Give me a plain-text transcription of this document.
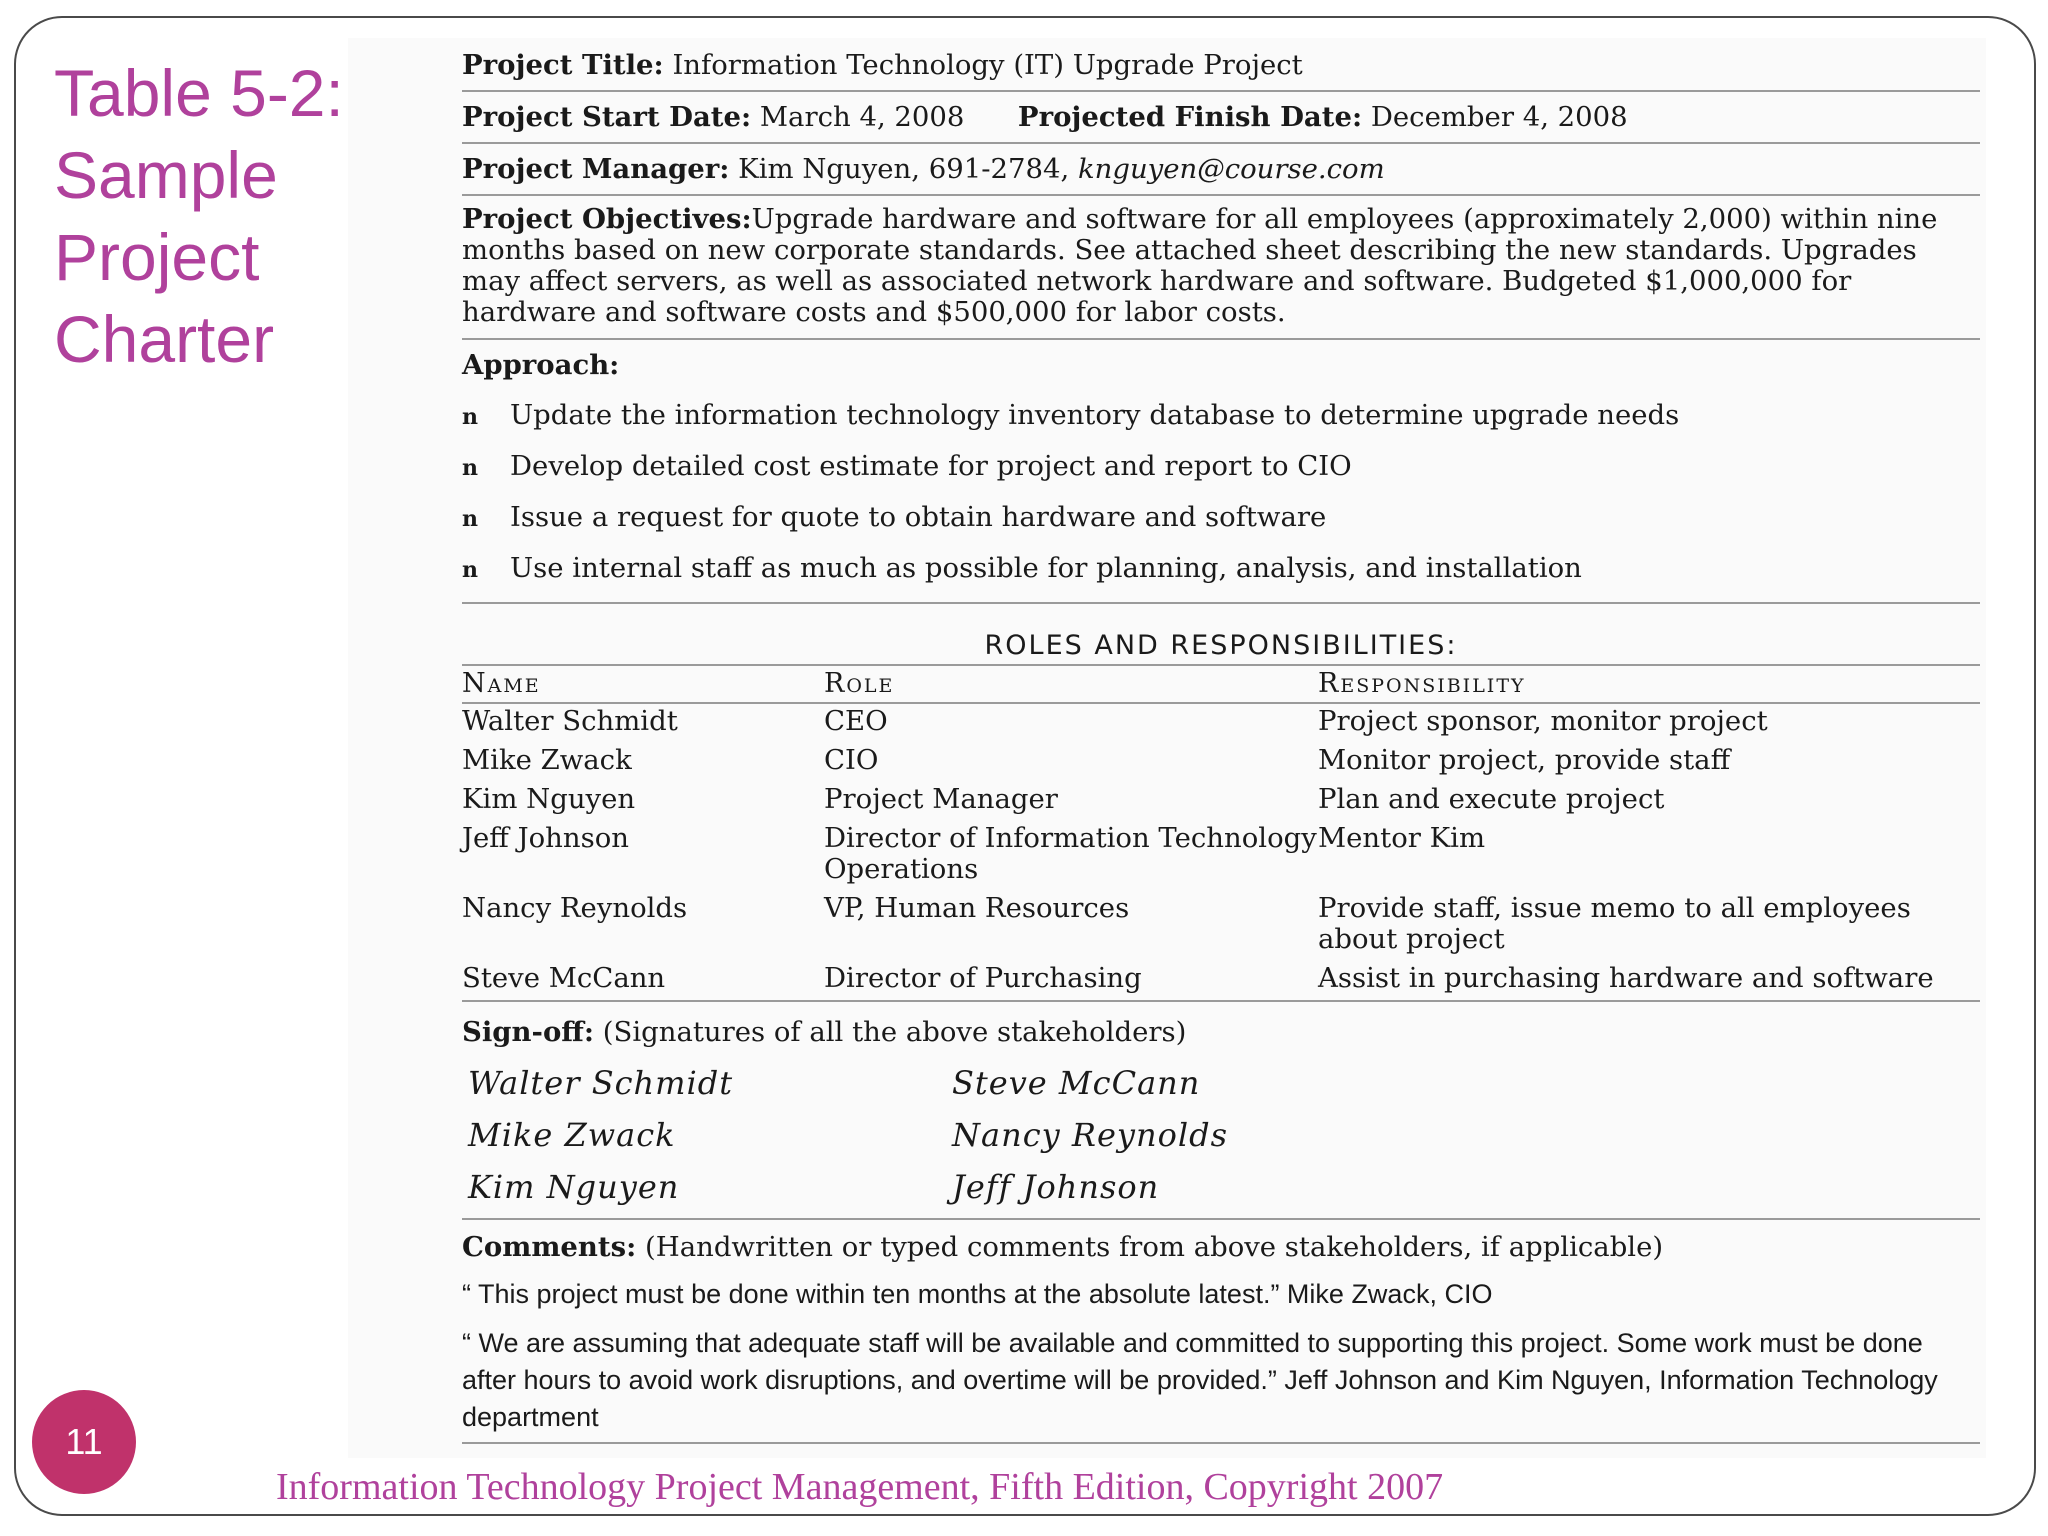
Table 5-2:
Sample
Project
Charter
Project Title: Information Technology (IT) Upgrade Project
Project Start Date: March 4, 2008 Projected Finish Date: December 4, 2008
Project Manager: Kim Nguyen, 691-2784, knguyen@course.com
Project Objectives:Upgrade hardware and software for all employees (approximately 2,000) within nine months based on new corporate standards. See attached sheet describing the new standards. Upgrades may affect servers, as well as associated network hardware and software. Budgeted $1,000,000 for hardware and software costs and $500,000 for labor costs.
Approach:
n Update the information technology inventory database to determine upgrade needs
n Develop detailed cost estimate for project and report to CIO
n Issue a request for quote to obtain hardware and software
n Use internal staff as much as possible for planning, analysis, and installation
ROLES AND RESPONSIBILITIES:
Name	Role	Responsibility
Walter Schmidt	CEO	Project sponsor, monitor project
Mike Zwack	CIO	Monitor project, provide staff
Kim Nguyen	Project Manager	Plan and execute project
Jeff Johnson	Director of Information Technology Operations	Mentor Kim
Nancy Reynolds	VP, Human Resources	Provide staff, issue memo to all employees about project
Steve McCann	Director of Purchasing	Assist in purchasing hardware and software
Sign-off: (Signatures of all the above stakeholders)
Walter Schmidt	Steve McCann
Mike Zwack	Nancy Reynolds
Kim Nguyen	Jeff Johnson
Comments: (Handwritten or typed comments from above stakeholders, if applicable)
“ This project must be done within ten months at the absolute latest.” Mike Zwack, CIO
“ We are assuming that adequate staff will be available and committed to supporting this project. Some work must be done after hours to avoid work disruptions, and overtime will be provided.” Jeff Johnson and Kim Nguyen, Information Technology department
11
Information Technology Project Management, Fifth Edition, Copyright 2007
